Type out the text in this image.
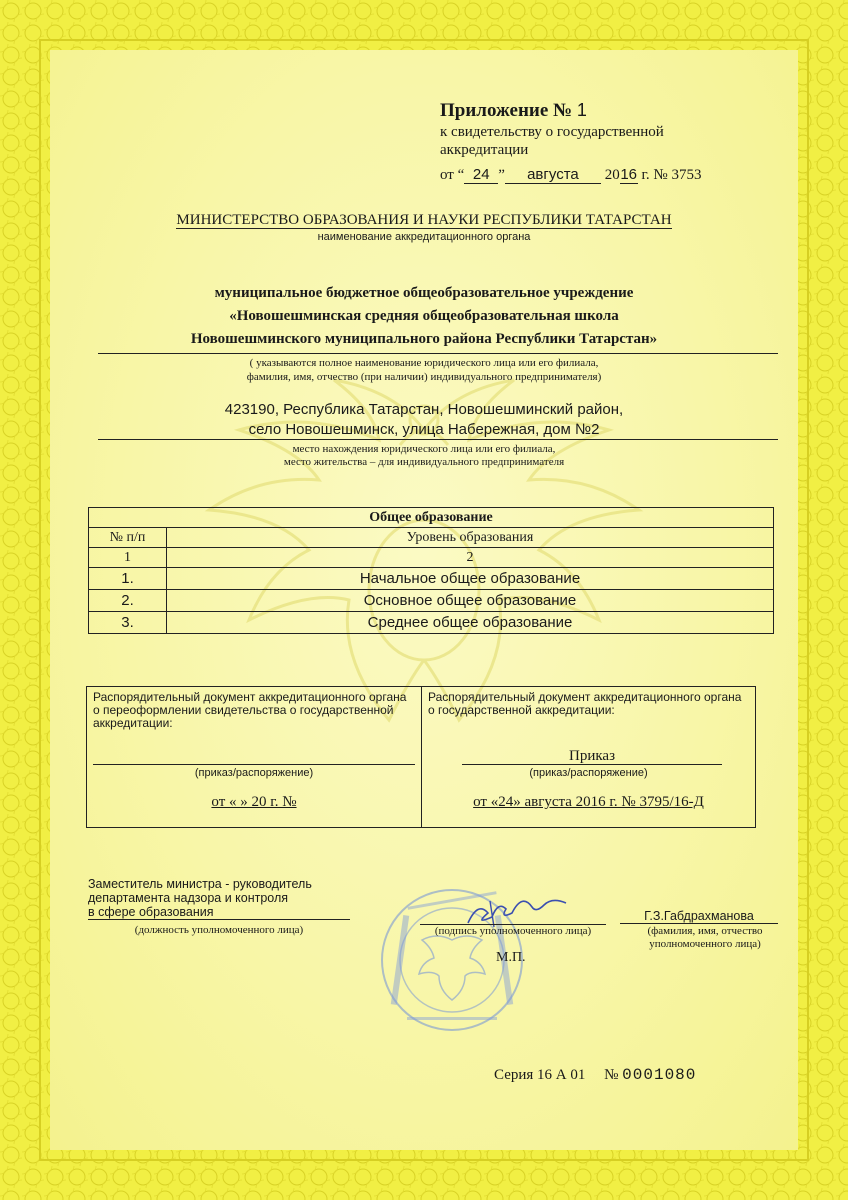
Приложение № 1
к свидетельству о государственной
аккредитации
от “ 24 ” августа 2016 г. № 3753
МИНИСТЕРСТВО ОБРАЗОВАНИЯ И НАУКИ РЕСПУБЛИКИ ТАТАРСТАН
наименование аккредитационного органа
муниципальное бюджетное общеобразовательное учреждение
«Новошешминская средняя общеобразовательная школа
Новошешминского муниципального района Республики Татарстан»
( указываются полное наименование юридического лица или его филиала,
фамилия, имя, отчество (при наличии) индивидуального предпринимателя)
423190, Республика Татарстан, Новошешминский район,
село Новошешминск, улица Набережная, дом №2
место нахождения юридического лица или его филиала,
место жительства – для индивидуального предпринимателя
Общее образование	
№ п/п	Уровень образования
1	2
1.	Начальное общее образование
2.	Основное общее образование
3.	Среднее общее образование
Распорядительный документ аккредитационного органа о переоформлении свидетельства о государственной аккредитации:
(приказ/распоряжение)
от « » 20 г. №
Распорядительный документ аккредитационного органа о государственной аккредитации:
Приказ
(приказ/распоряжение)
от «24» августа 2016 г. № 3795/16-Д
Заместитель министра - руководитель
департамента надзора и контроля
в сфере образования
(должность уполномоченного лица)	(подпись уполномоченного лица)
Г.З.Габдрахманова
(фамилия, имя, отчество
уполномоченного лица)
М.П.
Серия 16 А 01 № 0001080
